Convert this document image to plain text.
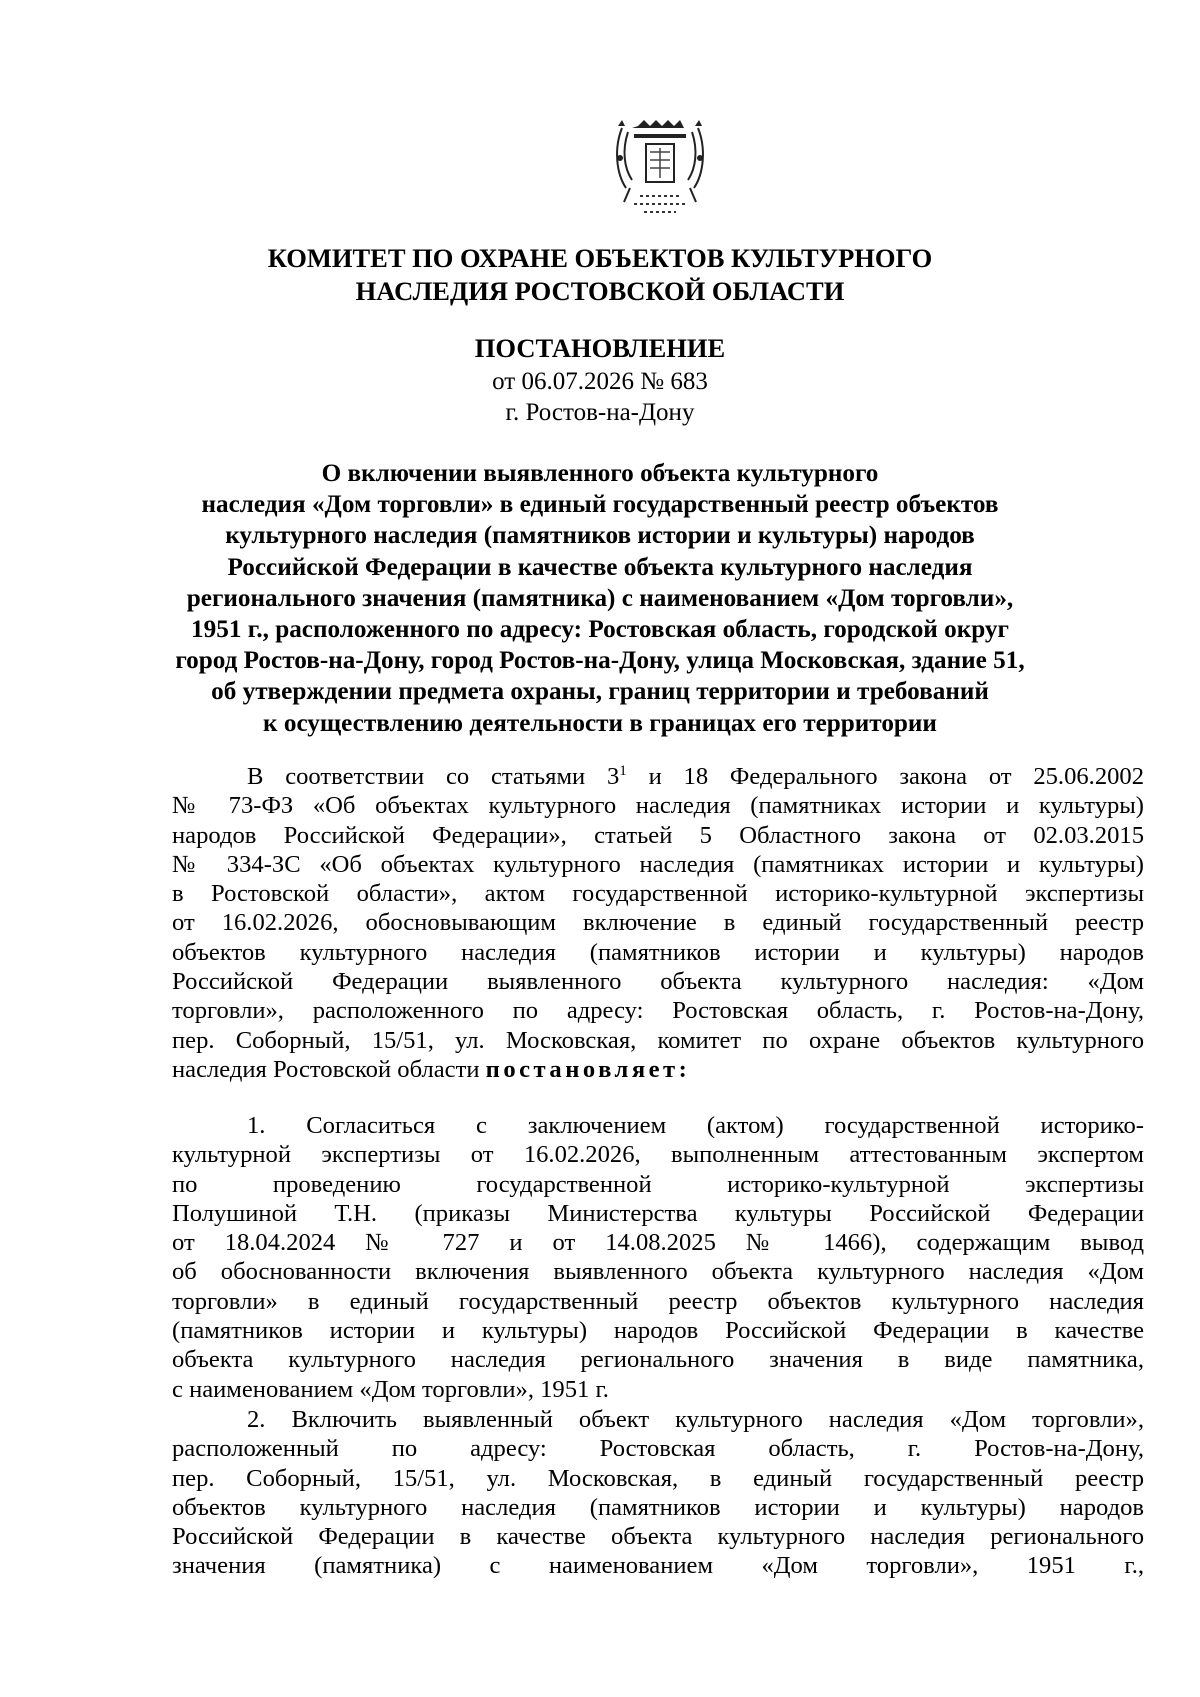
КОМИТЕТ ПО ОХРАНЕ ОБЪЕКТОВ КУЛЬТУРНОГО
НАСЛЕДИЯ РОСТОВСКОЙ ОБЛАСТИ
ПОСТАНОВЛЕНИЕ
от 06.07.2026 № 683
г. Ростов-на-Дону
О включении выявленного объекта культурного
наследия «Дом торговли» в единый государственный реестр объектов
культурного наследия (памятников истории и культуры) народов
Российской Федерации в качестве объекта культурного наследия
регионального значения (памятника) с наименованием «Дом торговли»,
1951 г., расположенного по адресу: Ростовская область, городской округ
город Ростов-на-Дону, город Ростов-на-Дону, улица Московская, здание 51,
об утверждении предмета охраны, границ территории и требований
к осуществлению деятельности в границах его территории
В соответствии со статьями $3^1$ и 18 Федерального закона от 25.06.2002
№ 73-ФЗ «Об объектах культурного наследия (памятниках истории и культуры)
народов Российской Федерации», статьей 5 Областного закона от 02.03.2015
№ 334-ЗС «Об объектах культурного наследия (памятниках истории и культуры)
в Ростовской области», актом государственной историко-культурной экспертизы
от 16.02.2026, обосновывающим включение в единый государственный реестр
объектов культурного наследия (памятников истории и культуры) народов
Российской Федерации выявленного объекта культурного наследия: «Дом
торговли», расположенного по адресу: Ростовская область, г. Ростов-на-Дону,
пер. Соборный, 15/51, ул. Московская, комитет по охране объектов культурного
наследия Ростовской области постановляет:
1. Согласиться с заключением (актом) государственной историко-
культурной экспертизы от 16.02.2026, выполненным аттестованным экспертом
по проведению государственной историко-культурной экспертизы
Полушиной Т.Н. (приказы Министерства культуры Российской Федерации
от 18.04.2024 № 727 и от 14.08.2025 № 1466), содержащим вывод
об обоснованности включения выявленного объекта культурного наследия «Дом
торговли» в единый государственный реестр объектов культурного наследия
(памятников истории и культуры) народов Российской Федерации в качестве
объекта культурного наследия регионального значения в виде памятника,
с наименованием «Дом торговли», 1951 г.
2. Включить выявленный объект культурного наследия «Дом торговли»,
расположенный по адресу: Ростовская область, г. Ростов-на-Дону,
пер. Соборный, 15/51, ул. Московская, в единый государственный реестр
объектов культурного наследия (памятников истории и культуры) народов
Российской Федерации в качестве объекта культурного наследия регионального
значения (памятника) с наименованием «Дом торговли», 1951 г.,
